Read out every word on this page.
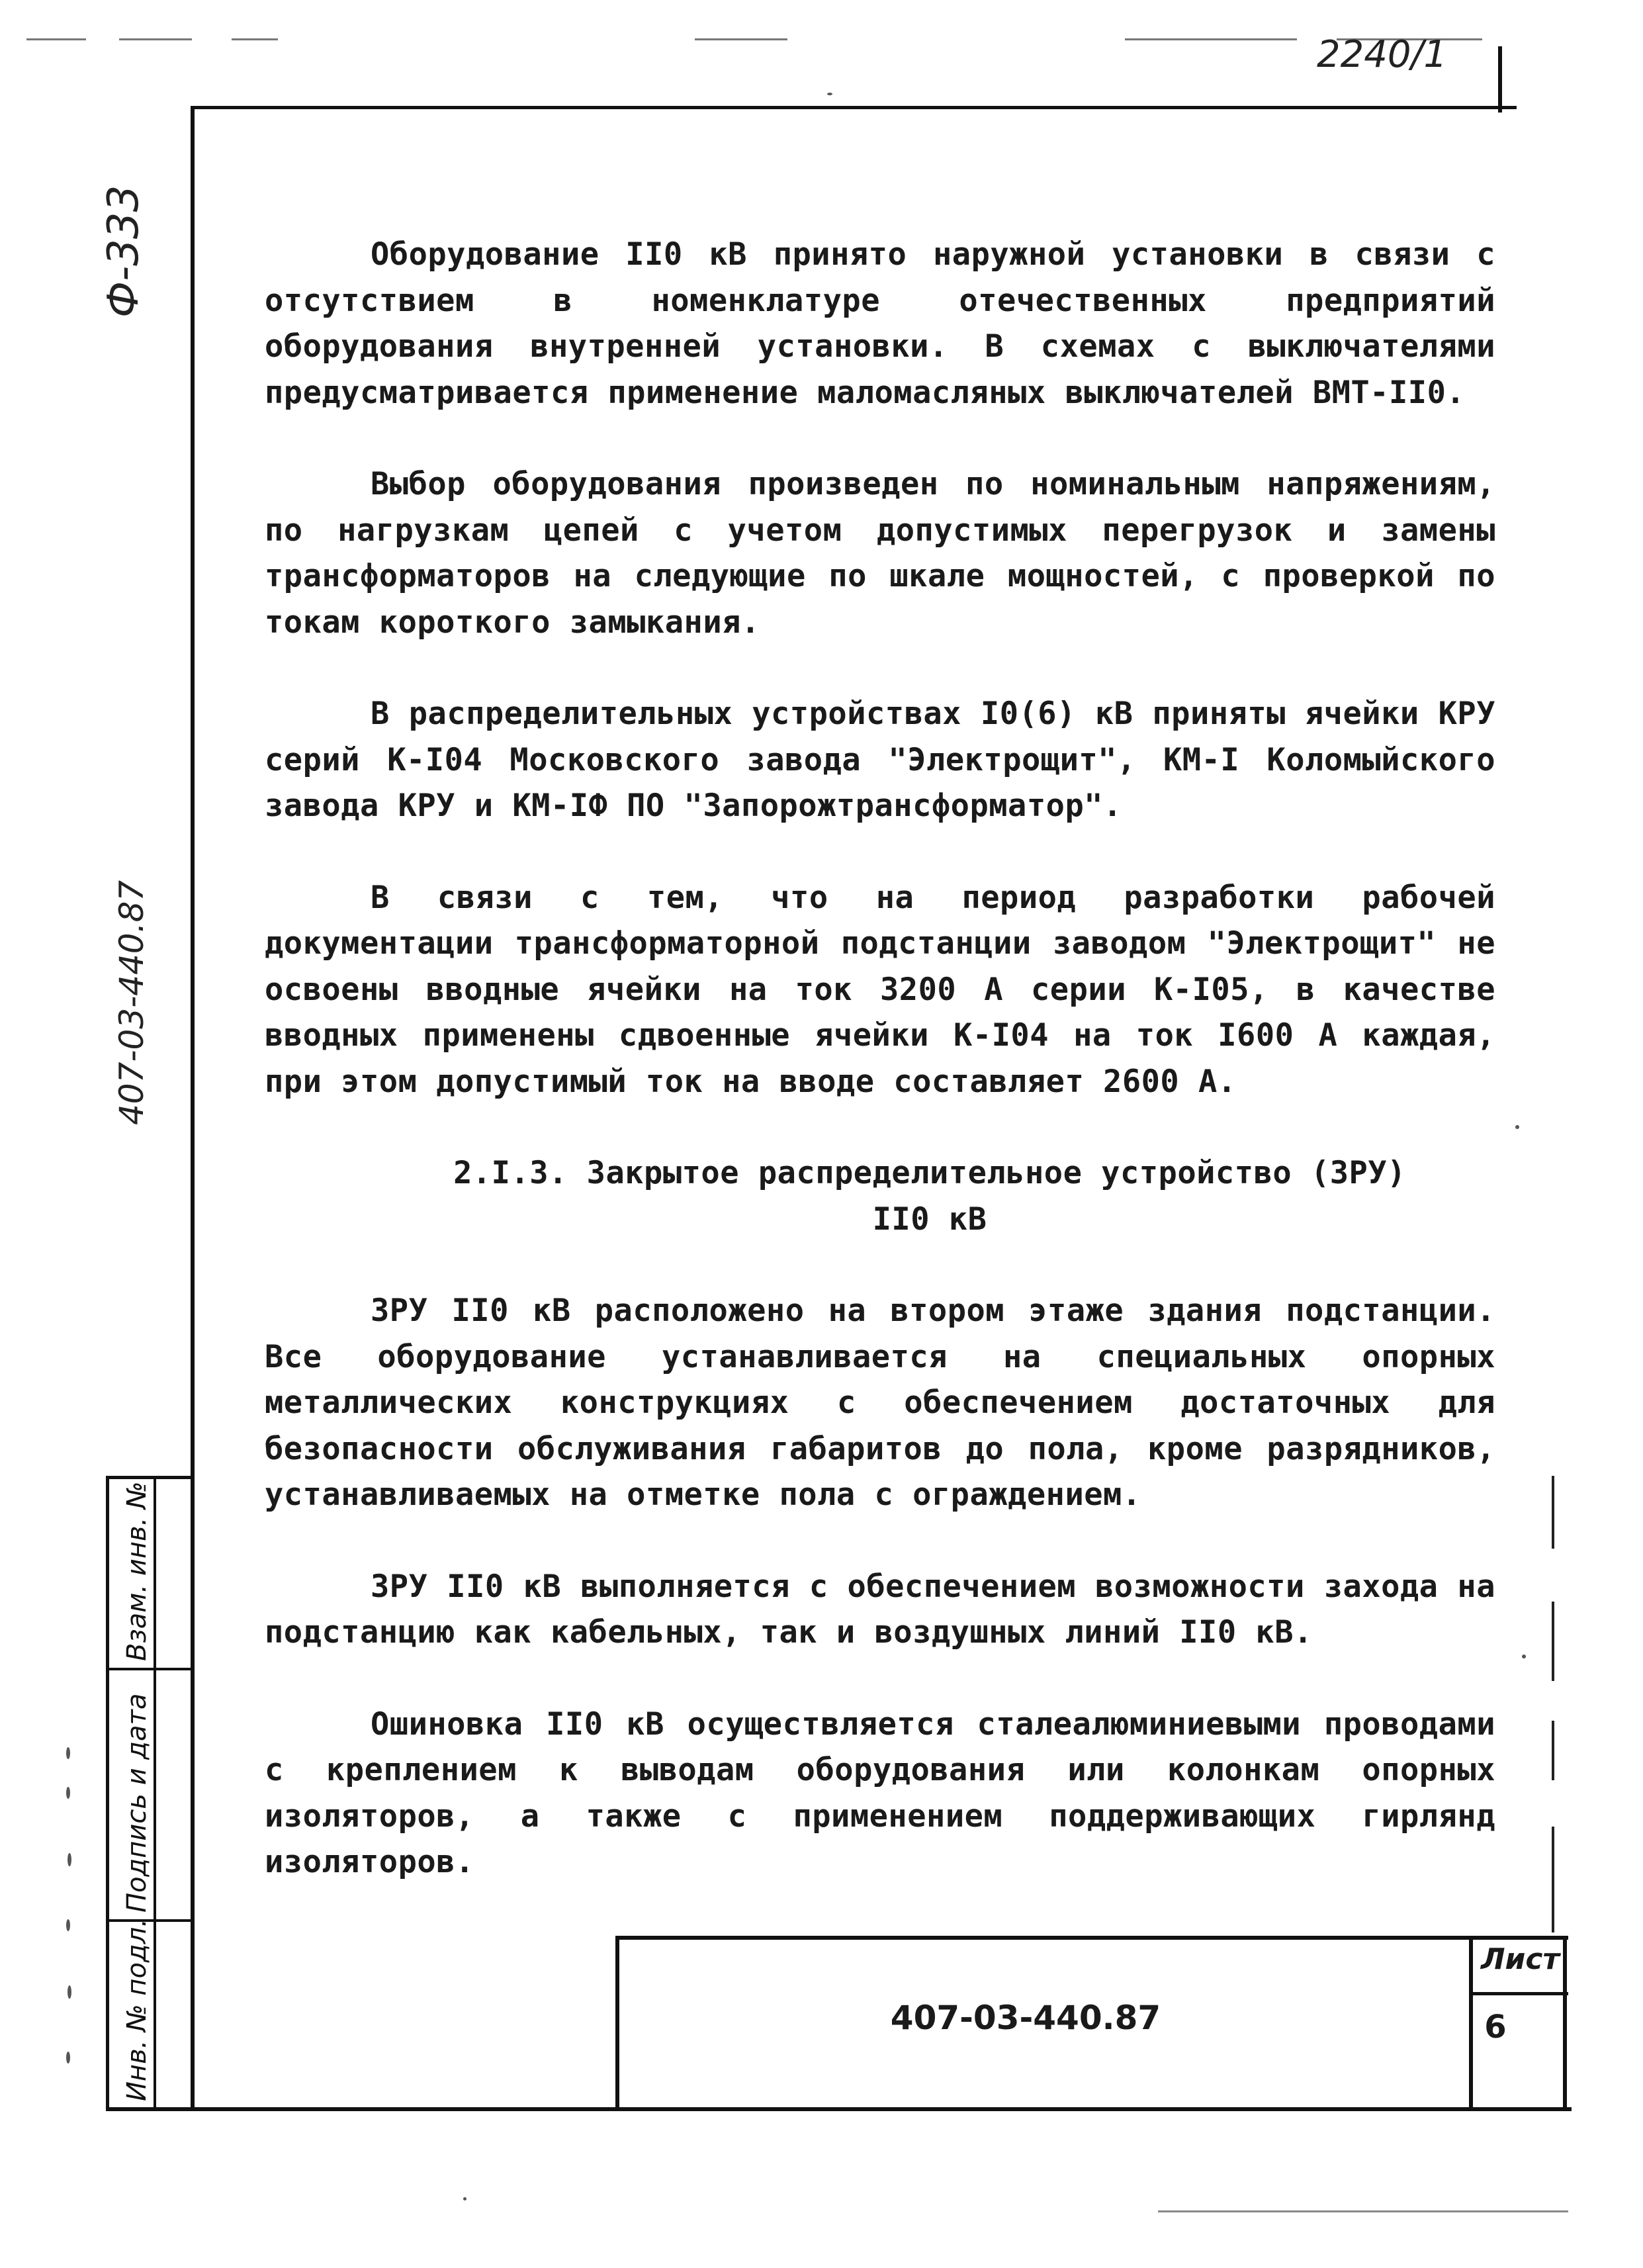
2240/1
Ф-333
407-03-440.87

Оборудование II0 кВ принято наружной установки в связи с отсутствием в номенклатуре отечественных предприятий оборудования внутренней установки. В схемах с выключателями предусматривается применение маломасляных выключателей ВМТ-II0.

Выбор оборудования произведен по номинальным напряжениям, по нагрузкам цепей с учетом допустимых перегрузок и замены трансформаторов на следующие по шкале мощностей, с проверкой по токам короткого замыкания.

В распределительных устройствах I0(6) кВ приняты ячейки КРУ серий К-I04 Московского завода "Электрощит", КМ-I Коломыйского завода КРУ и КМ-IФ ПО "Запорожтрансформатор".

В связи с тем, что на период разработки рабочей документации трансформаторной подстанции заводом "Электрощит" не освоены вводные ячейки на ток 3200 А серии К-I05, в качестве вводных применены сдвоенные ячейки К-I04 на ток I600 А каждая, при этом допустимый ток на вводе составляет 2600 А.

2.I.3. Закрытое распределительное устройство (ЗРУ)
II0 кВ

ЗРУ II0 кВ расположено на втором этаже здания подстанции. Все оборудование устанавливается на специальных опорных металлических конструкциях с обеспечением достаточных для безопасности обслуживания габаритов до пола, кроме разрядников, устанавливаемых на отметке пола с ограждением.

ЗРУ II0 кВ выполняется с обеспечением возможности захода на подстанцию как кабельных, так и воздушных линий II0 кВ.

Ошиновка II0 кВ осуществляется сталеалюминиевыми проводами с креплением к выводам оборудования или колонкам опорных изоляторов, а также с применением поддерживающих гирлянд изоляторов.

Взам. инв. №
Подпись и дата
Инв. № подл.	407-03-440.87
Лист
6
